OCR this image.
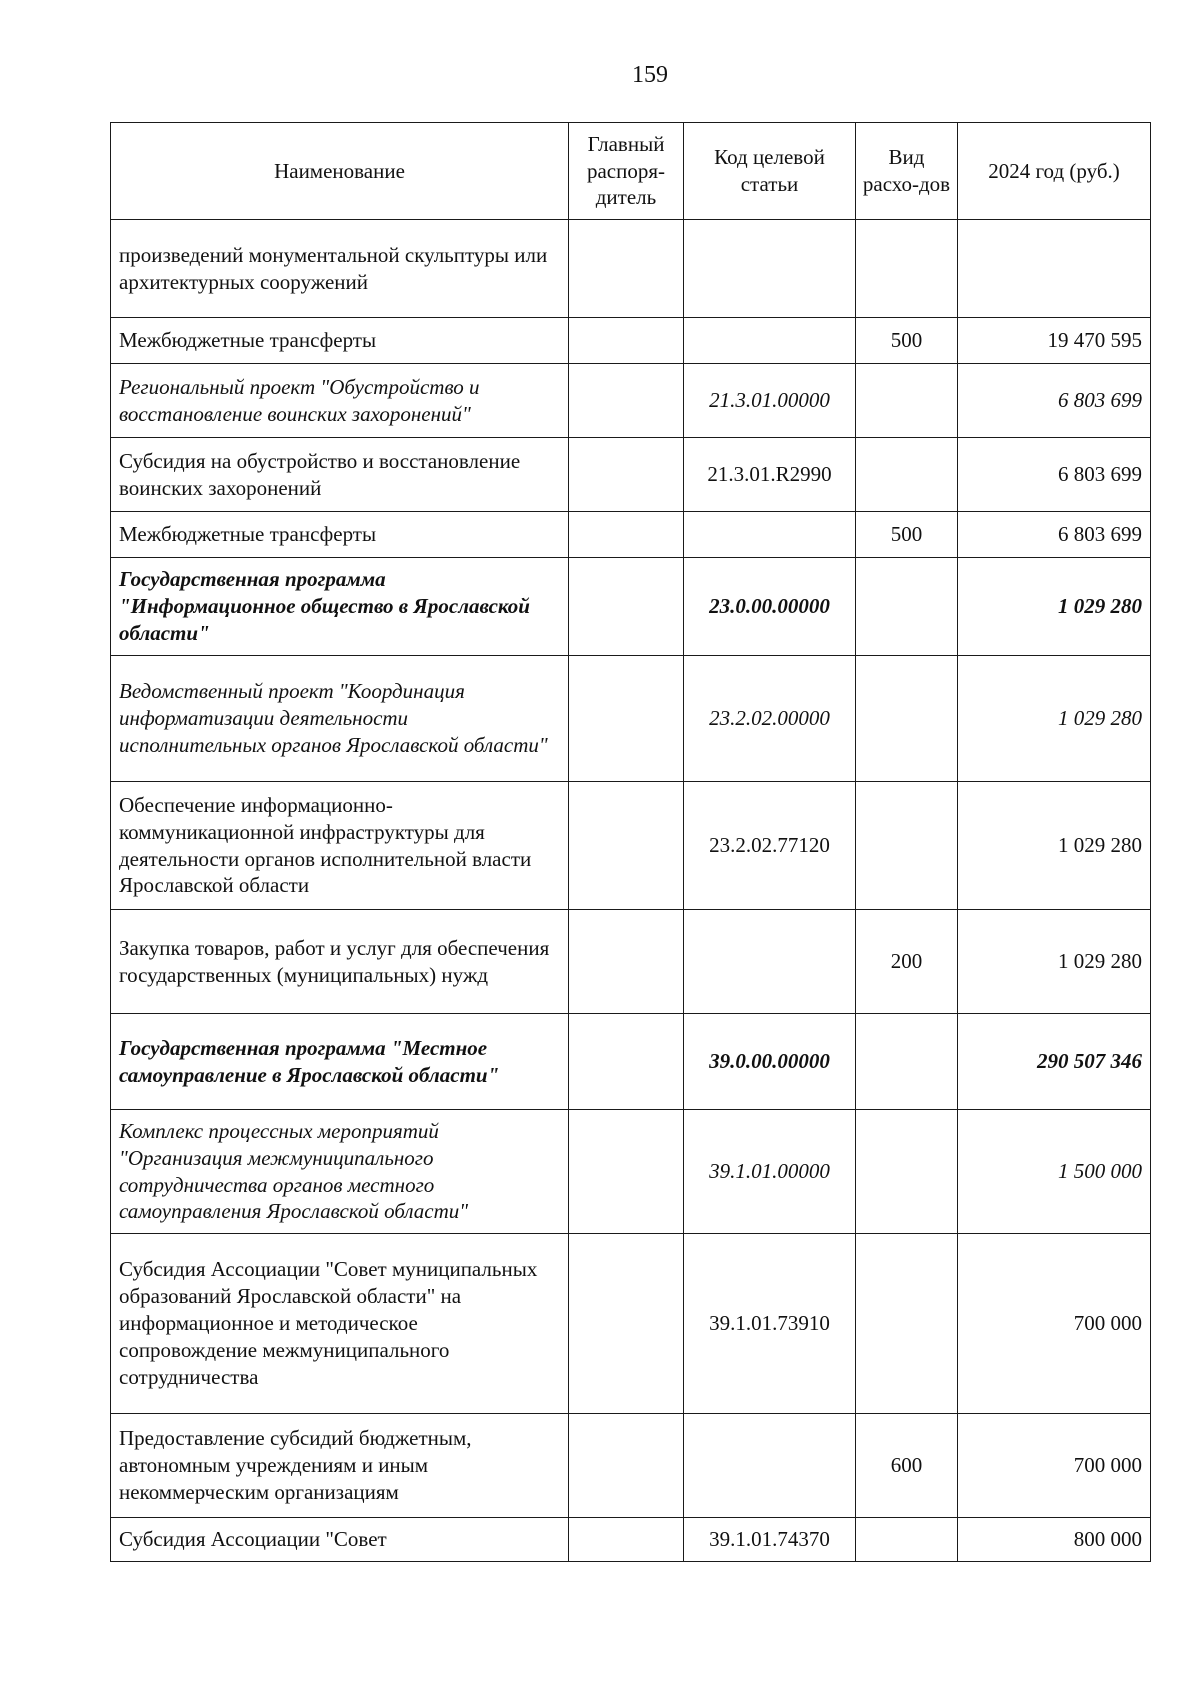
159
Наименование	Главный распоря-дитель	Код целевой статьи	Вид расхо-дов	2024 год (руб.)
произведений монументальной скульптуры или архитектурных сооружений				
Межбюджетные трансферты			500	19 470 595
Региональный проект "Обустройство и восстановление воинских захоронений"		21.3.01.00000		6 803 699
Субсидия на обустройство и восстановление воинских захоронений		21.3.01.R2990		6 803 699
Межбюджетные трансферты			500	6 803 699
Государственная программа "Информационное общество в Ярославской области"		23.0.00.00000		1 029 280
Ведомственный проект "Координация информатизации деятельности исполнительных органов Ярославской области"		23.2.02.00000		1 029 280
Обеспечение информационно-коммуникационной инфраструктуры для деятельности органов исполнительной власти Ярославской области		23.2.02.77120		1 029 280
Закупка товаров, работ и услуг для обеспечения государственных (муниципальных) нужд			200	1 029 280
Государственная программа "Местное самоуправление в Ярославской области"		39.0.00.00000		290 507 346
Комплекс процессных мероприятий "Организация межмуниципального сотрудничества органов местного самоуправления Ярославской области"		39.1.01.00000		1 500 000
Субсидия Ассоциации "Совет муниципальных образований Ярославской области" на информационное и методическое сопровождение межмуниципального сотрудничества		39.1.01.73910		700 000
Предоставление субсидий бюджетным, автономным учреждениям и иным некоммерческим организациям			600	700 000
Субсидия Ассоциации "Совет		39.1.01.74370		800 000
